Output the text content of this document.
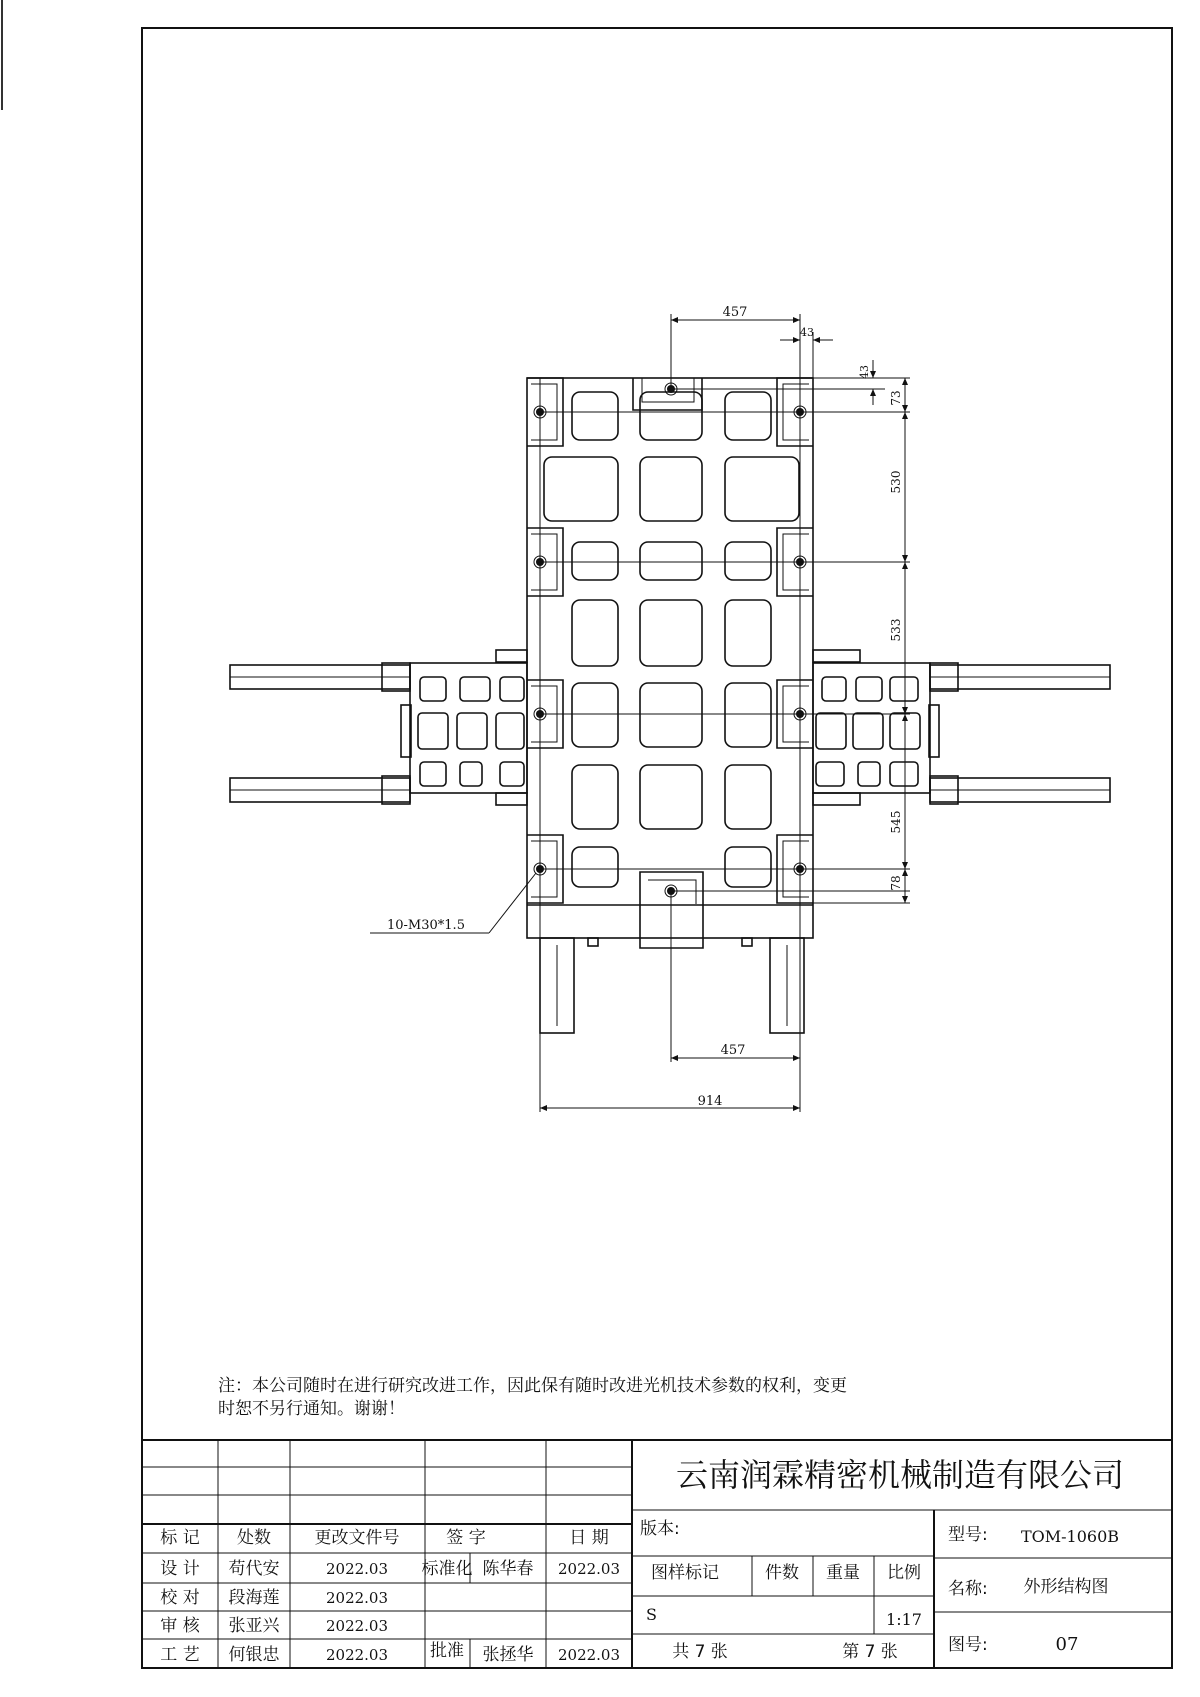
457
43
43
73
530
533
545
78
457
914
10-M30*1.5
注：本公司随时在进行研究改进工作，因此保有随时改进光机技术参数的权利，变更
时恕不另行通知。谢谢！
云南润霖精密机械制造有限公司
标 记 处数	更改文件号	签 字	日 期
设 计 苟代安	2022.03 标准化 陈华春 2022.03
校 对 段海莲	2022.03
审 核 张亚兴	2022.03
工 艺 何银忠	2022.03 批准 张拯华 2022.03
版本:
图样标记	件数 重量 比例
S	1:17
共 7 张	第 7 张
型号: TOM-1060B
名称: 外形结构图
图号:	07
